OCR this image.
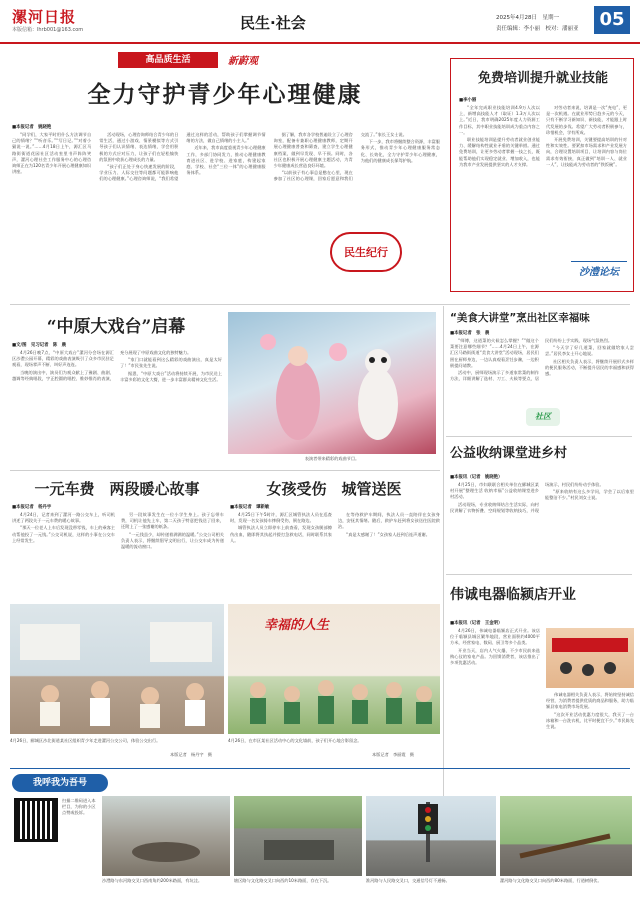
漯河日报
本版信箱：lhrb001@163.com	民生·社会	2025年4月28日　 星期一
责任编辑：李小丽　 校对：潘丽亚	05
高品质生活	新蔚观
全力守护青少年心理健康
■本报记者　姚晓艳

“同学们，大家平时用什么方法调节自己的情绪？”“听音乐。”“写日记。”“对着小猫说一说。”……4月18日上午，源汇区马路街街道花园社区活动室里书声阵阵笑声，漯河心理社会工作服务中心的心理咨询师正在为120名青少年开展心理健康知识讲座。

活动现场，心理咨询师结合青少年的日常生活，通过小游戏、情景模拟等方式引导孩子们认识情绪、表达情绪，学会用积极的方式应对压力，让孩子们在轻松愉快的氛围中收获心理成长的力量。

“孩子们正处于身心快速发展的阶段，学业压力、人际交往等问题都可能影响他们的心理健康。”心理咨询师说，“我们希望通过这样的活动，帮助孩子们掌握调节情绪的方法，做自己情绪的小主人。”

近年来，我市高度重视青少年心理健康工作，多部门协同发力，推动心理健康教育进社区、进学校、进家庭，构建起家庭、学校、社会“三位一体”的心理健康服务体系。

据了解，我市各学校普遍设立了心理咨询室，配备专兼职心理健康教师，定期开展心理健康普查和筛查，建立学生心理健康档案，做到早发现、早干预。同时，各社区也积极开展心理健康主题活动，为青少年健康成长营造良好环境。

“以前孩子有心事总是憋在心里，现在参加了社区的心理课，回家后愿意和我们交流了。”家长王女士说。

下一步，我市将继续整合资源，丰富服务形式，推动青少年心理健康服务常态化、长效化，全力守护青少年心理健康，为他们的健康成长保驾护航。

民生纪行
免费培训提升就业技能
■李小丽

“全年完成职业技能培训4.9万人次以上，新增高技能人才（取证）1.3万人次以上。”近日，我市明确2025年度人力资源工作目标，其中职业技能培训成为重点内容之一。

职业技能培训是提升劳动者就业创业能力、缓解结构性就业矛盾的关键举措。通过免费培训，让更多劳动者掌握一技之长，既能帮助他们实现稳定就业、增加收入，也能为我市产业发展提供坚实的人才支撑。

对劳动者来说，培训是一次“充电”，更是一次机遇。在就业形势日趋多元的今天，只有不断学习新知识、新技能，才能跟上时代发展的步伐。希望广大劳动者积极参与，珍惜机会，学有所成。

开展免费培训，关键要提高培训的针对性和实效性。要紧扣市场需求和产业发展方向，合理设置培训项目，让培训内容与岗位需求有效衔接，真正做到“培训一人、就业一人”，让技能成为劳动者的“铁饭碗”。

沙澧论坛
“中原大戏台”启幕
■文/图　见习记者　陈　晨

4月26日晚7点，“中原大戏台”漯河分会场在源汇区沙澧公园开幕，精彩的戏曲表演吸引了众多市民驻足观看，现场掌声不断、叫好声连连。

当晚的演出中，演员们为观众献上了豫剧、曲剧、越调等经典唱段，字正腔圆的唱腔、惟妙惟肖的表演，充分展现了中原戏曲文化的独特魅力。

“家门口就能看到这么精彩的戏曲演出，真是太好了！”市民张先生说。

据悉，“中原大戏台”活动将持续开展，为市民送上丰富多彩的文化大餐，进一步丰富群众精神文化生活。

表演者带来精彩的戏曲节目。
“美食大讲堂”烹出社区幸福味
■本报记者　张　晨

“师傅，这道菜的火候怎么掌握？”“做这个菜要注意哪些细节？”……4月24日上午，在源汇区马路街街道“美食大讲堂”活动现场，居民们围在厨师身边，一边认真观看烹饪步骤，一边积极提问请教。

活动中，厨师现场演示了多道家常菜的制作方法，详细讲解了选材、刀工、火候等要点，居民们纷纷上手实践，现场气氛热烈。

“今天学了好几道菜，回家就做给家人尝尝。”居民李女士开心地说。

社区相关负责人表示，将继续开展形式多样的便民服务活动，不断提升居民的幸福感和获得感。

社区
公益收纳课堂进乡村
■本报讯（记者　姚晓艳）

4月25日，市妇联联合相关单位在郾城区某村开展“整理生活 收纳幸福”公益收纳课堂进乡村活动。

活动现场，专业收纳师结合生活实际，向村民讲解了衣物折叠、空间规划等收纳技巧，并现场演示，村民们纷纷动手体验。

“原来收纳有这么多学问，学会了以后家里能整洁不少。”村民刘女士说。

一元车费　两段暖心故事
■本报记者　杨丹宇

4月24日，记者来到了漯河一路公交车上，听司机讲述了两段关于一元车费的暖心故事。

“那天一位老人上车后发现没带零钱，车上的乘客主动帮他投了一元钱。”公交司机说，这样的小事在公交车上经常发生。

另一段故事发生在一位小学生身上。孩子忘带车费，司机让他先上车，第二天孩子特意把钱送了回来，还附上了一张感谢的纸条。

“一元钱虽少，却传递着满满的温暖。”公交公司相关负责人表示，将继续倡导文明出行，让公交车成为传递温暖的流动窗口。

女孩受伤　城管送医
■本报记者　谭新敏

4月25日下午5时许，源汇区城管执法人员在巡查时，发现一名女孩骑车摔倒受伤，倒在路边。

城管执法人员立即停车上前查看，发现女孩腿部擦伤出血，随即将其扶起并拨打急救电话，同时联系其家人。

在等待救护车期间，执法人员一直陪伴在女孩身边，安抚其情绪。随后，救护车赶到将女孩送往医院救治。

“真是太感谢了！”女孩家人赶到后连声道谢。

幸福的人生
4月26日，郾城区沙北街道某社区组织青少年走进漯河公交公司，体验公交出行。
本版记者　杨丹宇　摄
4月26日，在市区某社区活动中心的文化墙前，孩子们开心地合影留念。
本版记者　李丽霞　摄
伟诚电器临颍店开业
■本报讯（记者　王金明）

4月26日，伟诚电器临颍店正式开业。该店位于临颍县城区繁华地段，营业面积约4000平方米，经营家电、数码、厨卫等多个品类。

开业当天，店内人气火爆，不少市民前来选购心仪的家电产品。为回馈消费者，该店推出了多项优惠活动。

伟诚电器相关负责人表示，将始终坚持诚信经营，为消费者提供优质的商品和服务，助力临颍县家电消费市场发展。

“这次开业活动优惠力度很大，我买了一台冰箱和一台洗衣机，比平时便宜不少。”市民陈先生说。

我呼我为吾号
扫描二维码进入本栏目，为你的小区点赞或投诉。
沙澧路与东河路交叉口西南角约200米路面，有坑洼。	辖区路与文化路交叉口向西约10米路面，存在下沉。	淮河路与人民路交叉口，交通信号灯不通畅。	漯河路与文化路交叉口向西约80米路面，行道树倒伏。
